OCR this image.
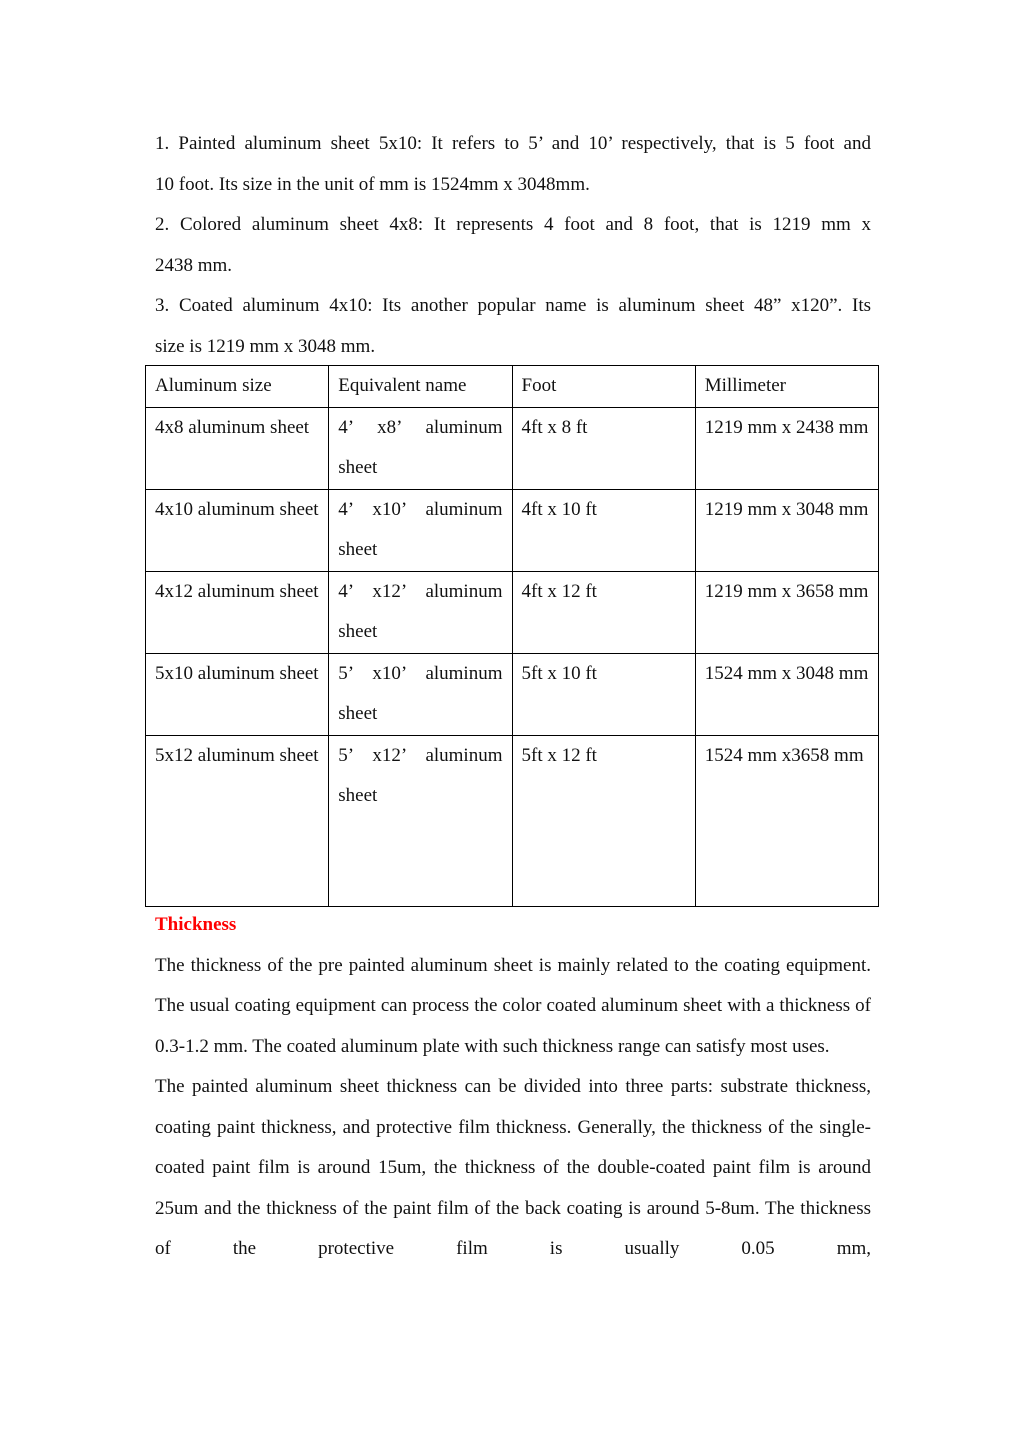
1. Painted aluminum sheet 5x10: It refers to 5’ and 10’ respectively, that is 5 foot and
10 foot. Its size in the unit of mm is 1524mm x 3048mm.

2. Colored aluminum sheet 4x8: It represents 4 foot and 8 foot, that is 1219 mm x
2438 mm.

3. Coated aluminum 4x10: Its another popular name is aluminum sheet 48” x120”. Its
size is 1219 mm x 3048 mm.

Aluminum size	Equivalent name	Foot	Millimeter
4x8 aluminum sheet	4’ x8’ aluminum sheet	4ft x 8 ft	1219 mm x 2438 mm
4x10 aluminum sheet	4’ x10’ aluminum sheet	4ft x 10 ft	1219 mm x 3048 mm
4x12 aluminum sheet	4’ x12’ aluminum sheet	4ft x 12 ft	1219 mm x 3658 mm
5x10 aluminum sheet	5’ x10’ aluminum sheet	5ft x 10 ft	1524 mm x 3048 mm
5x12 aluminum sheet	5’ x12’ aluminum sheet	5ft x 12 ft	1524 mm x3658 mm

Thickness

The thickness of the pre painted aluminum sheet is mainly related to the coating equipment. The usual coating equipment can process the color coated aluminum sheet with a thickness of 0.3-1.2 mm. The coated aluminum plate with such thickness range can satisfy most uses.

The painted aluminum sheet thickness can be divided into three parts: substrate thickness, coating paint thickness, and protective film thickness. Generally, the thickness of the single-coated paint film is around 15um, the thickness of the double-coated paint film is around 25um and the thickness of the paint film of the back coating is around 5-8um. The thickness of the protective film is usually 0.05 mm,
